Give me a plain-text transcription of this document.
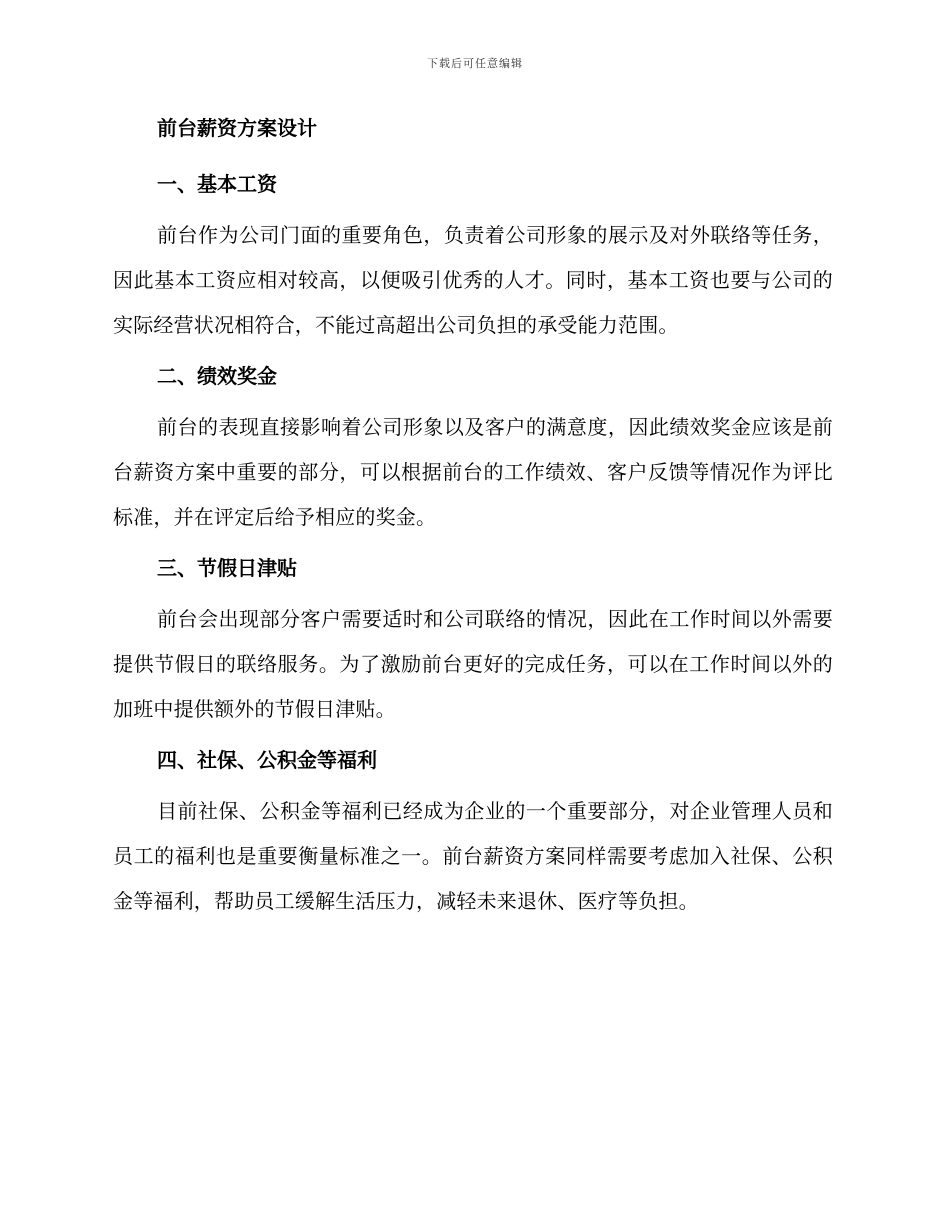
下载后可任意编辑
前台薪资方案设计
一、基本工资

前台作为公司门面的重要角色，负责着公司形象的展示及对外联络等任务，因此基本工资应相对较高，以便吸引优秀的人才。同时，基本工资也要与公司的实际经营状况相符合，不能过高超出公司负担的承受能力范围。

二、绩效奖金

前台的表现直接影响着公司形象以及客户的满意度，因此绩效奖金应该是前台薪资方案中重要的部分，可以根据前台的工作绩效、客户反馈等情况作为评比标准，并在评定后给予相应的奖金。

三、节假日津贴

前台会出现部分客户需要适时和公司联络的情况，因此在工作时间以外需要提供节假日的联络服务。为了激励前台更好的完成任务，可以在工作时间以外的加班中提供额外的节假日津贴。

四、社保、公积金等福利

目前社保、公积金等福利已经成为企业的一个重要部分，对企业管理人员和员工的福利也是重要衡量标准之一。前台薪资方案同样需要考虑加入社保、公积金等福利，帮助员工缓解生活压力，减轻未来退休、医疗等负担。
